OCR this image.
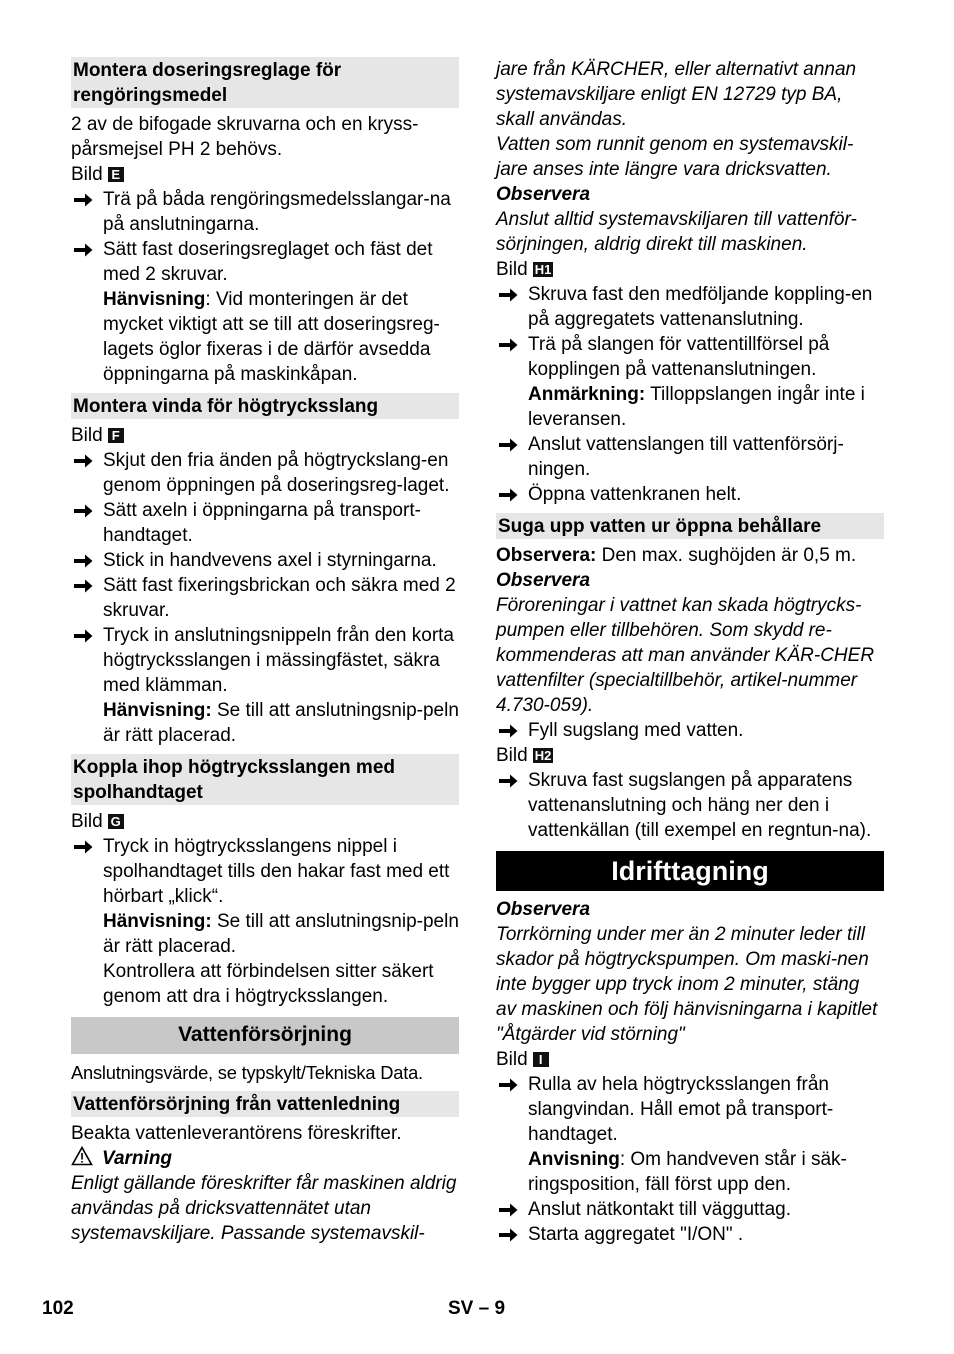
Montera doseringsreglage för rengöringsmedel

2 av de bifogade skruvarna och en kryss-pårsmejsel PH 2 behövs.

Bild E

Trä på båda rengöringsmedelsslangar-na på anslutningarna.
Sätt fast doseringsreglaget och fäst det med 2 skruvar.
Hänvisning: Vid monteringen är det mycket viktigt att se till att doseringsreg-lagets öglor fixeras i de därför avsedda öppningarna på maskinkåpan.
Montera vinda för högtrycksslang

Bild F

Skjut den fria änden på högtryckslang-en genom öppningen på doseringsreg-laget.
Sätt axeln i öppningarna på transport-handtaget.
Stick in handvevens axel i styrningarna.
Sätt fast fixeringsbrickan och säkra med 2 skruvar.
Tryck in anslutningsnippeln från den korta högtrycksslangen i mässingfästet, säkra med klämman.
Hänvisning: Se till att anslutningsnip-peln är rätt placerad.
Koppla ihop högtrycksslangen med spolhandtaget

Bild G

Tryck in högtrycksslangens nippel i spolhandtaget tills den hakar fast med ett hörbart „klick“.
Hänvisning: Se till att anslutningsnip-peln är rätt placerad.
Kontrollera att förbindelsen sitter säkert genom att dra i högtrycksslangen.
Vattenförsörjning

Anslutningsvärde, se typskylt/Tekniska Data.

Vattenförsörjning från vattenledning

Beakta vattenleverantörens föreskrifter.

Varning

Enligt gällande föreskrifter får maskinen aldrig användas på dricksvattennätet utan systemavskiljare. Passande systemavskil-

jare från KÄRCHER, eller alternativt annan systemavskiljare enligt EN 12729 typ BA, skall användas.

Vatten som runnit genom en systemavskil-jare anses inte längre vara dricksvatten.

Observera

Anslut alltid systemavskiljaren till vattenför-sörjningen, aldrig direkt till maskinen.

Bild H1

Skruva fast den medföljande koppling-en på aggregatets vattenanslutning.
Trä på slangen för vattentillförsel på kopplingen på vattenanslutningen.
Anmärkning: Tilloppslangen ingår inte i leveransen.
Anslut vattenslangen till vattenförsörj-ningen.
Öppna vattenkranen helt.
Suga upp vatten ur öppna behållare

Observera: Den max. sughöjden är 0,5 m.

Observera

Föroreningar i vattnet kan skada högtrycks-pumpen eller tillbehören. Som skydd re-kommenderas att man använder KÄR-CHER vattenfilter (specialtillbehör, artikel-nummer 4.730-059).

Fyll sugslang med vatten.

Bild H2

Skruva fast sugslangen på apparatens vattenanslutning och häng ner den i vattenkällan (till exempel en regntun-na).
Idrifttagning

Observera

Torrkörning under mer än 2 minuter leder till skador på högtryckspumpen. Om maski-nen inte bygger upp tryck inom 2 minuter, stäng av maskinen och följ hänvisningarna i kapitlet "Åtgärder vid störning"

Bild I

Rulla av hela högtrycksslangen från slangvindan. Håll emot på transport-handtaget.
Anvisning: Om handveven står i säk-ringsposition, fäll först upp den.
Anslut nätkontakt till vägguttag.
Starta aggregatet "I/ON" .
102	SV – 9
